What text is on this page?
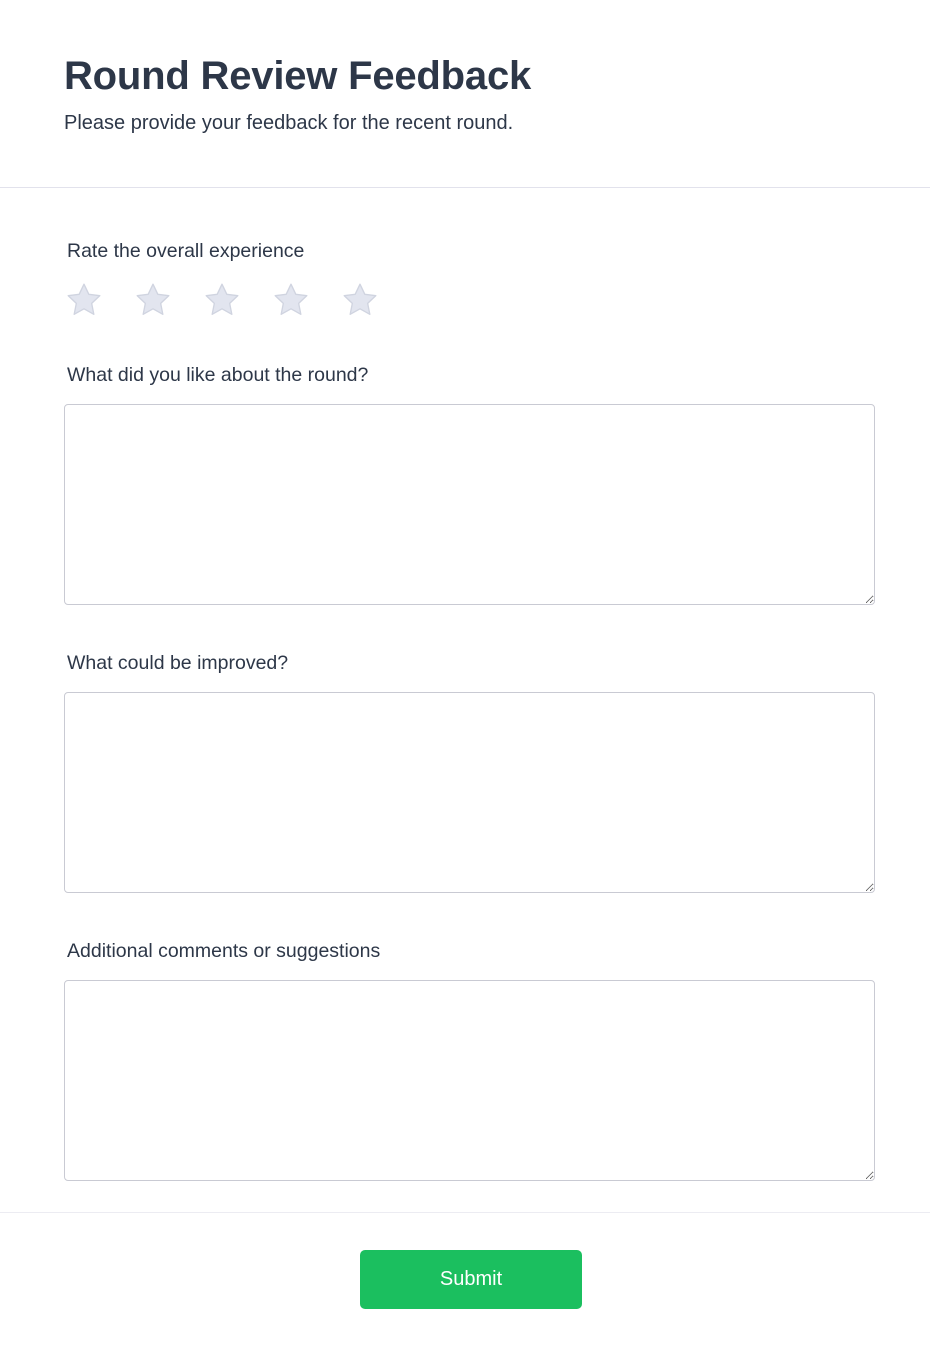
Round Review Feedback

Please provide your feedback for the recent round.

Rate the overall experience
What did you like about the round?
What could be improved?
Additional comments or suggestions
Submit
